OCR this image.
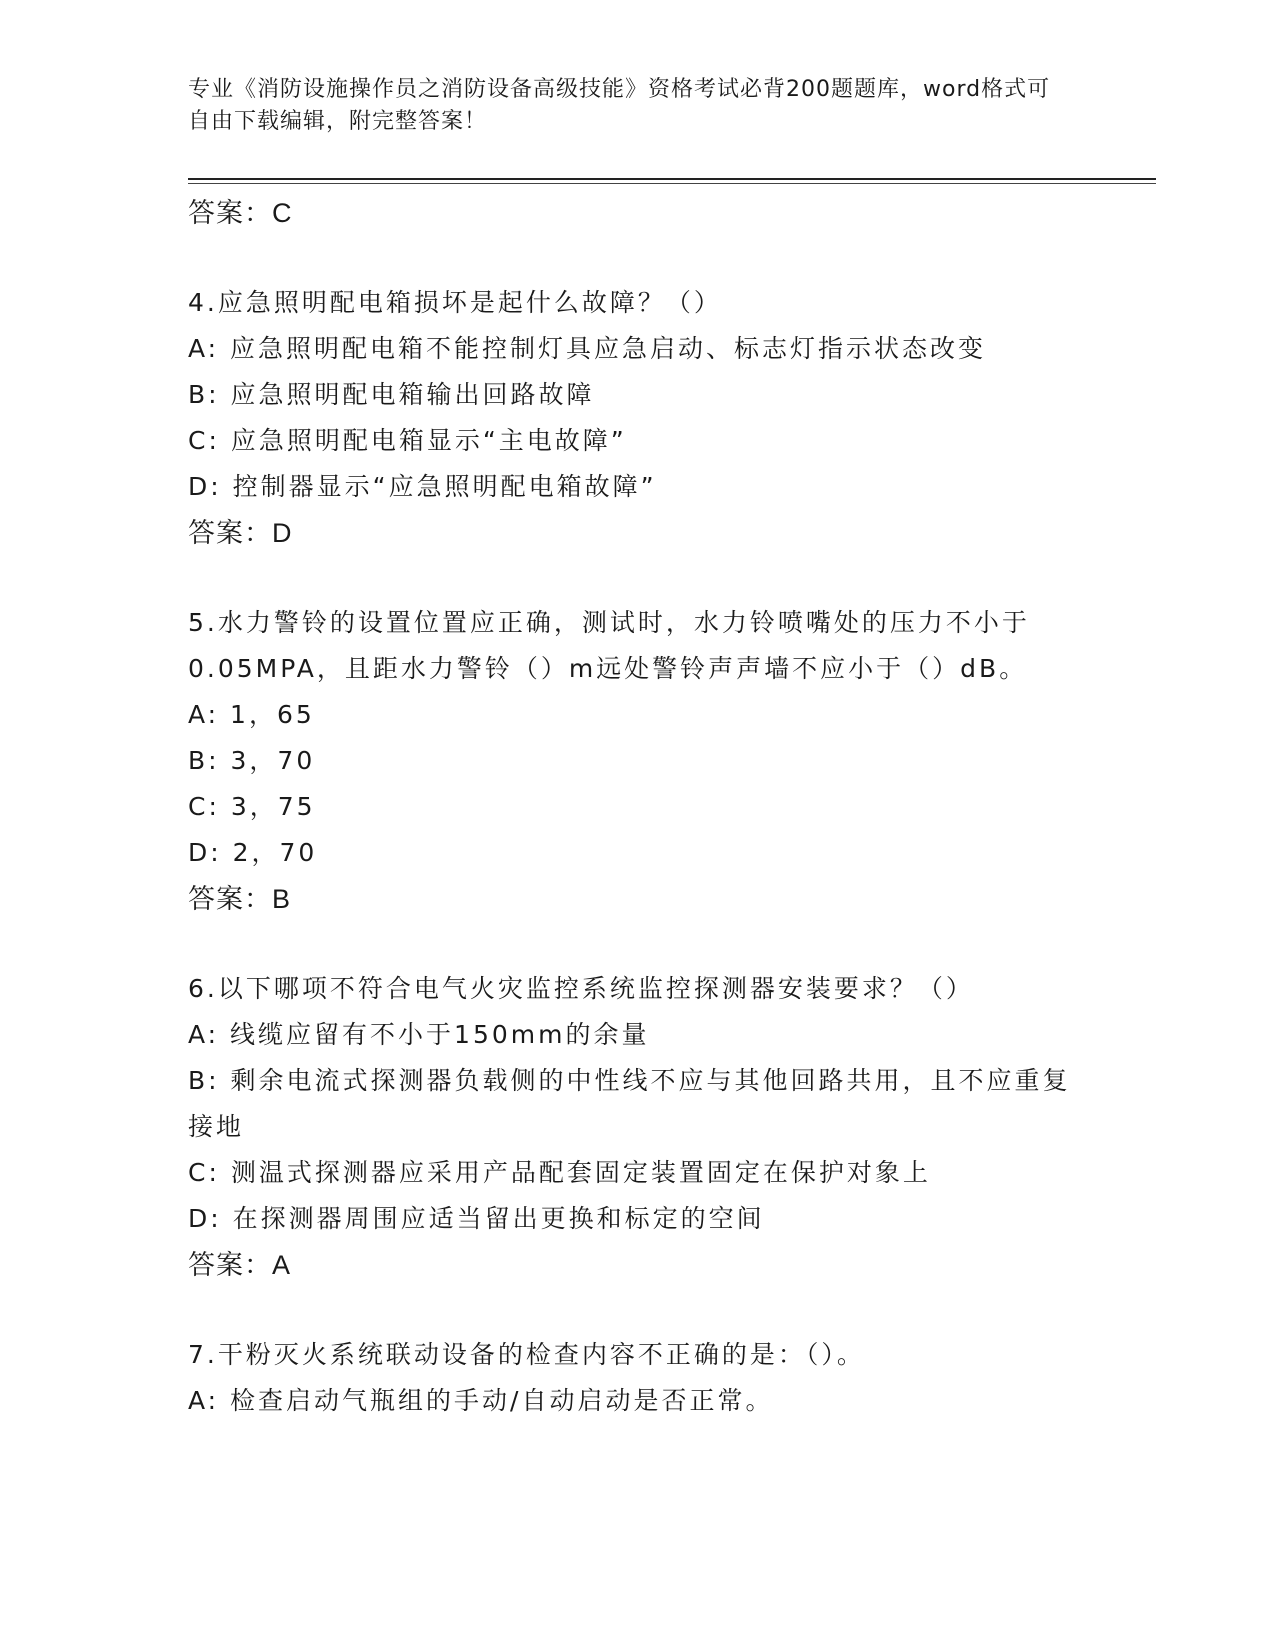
专业《消防设施操作员之消防设备高级技能》资格考试必背200题题库，word格式可自由下载编辑，附完整答案！
答案：C
4.应急照明配电箱损坏是起什么故障？（）
A: 应急照明配电箱不能控制灯具应急启动、标志灯指示状态改变
B: 应急照明配电箱输出回路故障
C: 应急照明配电箱显示“主电故障”
D: 控制器显示“应急照明配电箱故障”
答案：D
5.水力警铃的设置位置应正确，测试时，水力铃喷嘴处的压力不小于0.05MPA，且距水力警铃（）m远处警铃声声墙不应小于（）dB。
A: 1，65
B: 3，70
C: 3，75
D: 2，70
答案：B
6.以下哪项不符合电气火灾监控系统监控探测器安装要求？（）
A: 线缆应留有不小于150mm的余量
B: 剩余电流式探测器负载侧的中性线不应与其他回路共用，且不应重复接地
C: 测温式探测器应采用产品配套固定装置固定在保护对象上
D: 在探测器周围应适当留出更换和标定的空间
答案：A
7.干粉灭火系统联动设备的检查内容不正确的是：（）。
A: 检查启动气瓶组的手动/自动启动是否正常。
